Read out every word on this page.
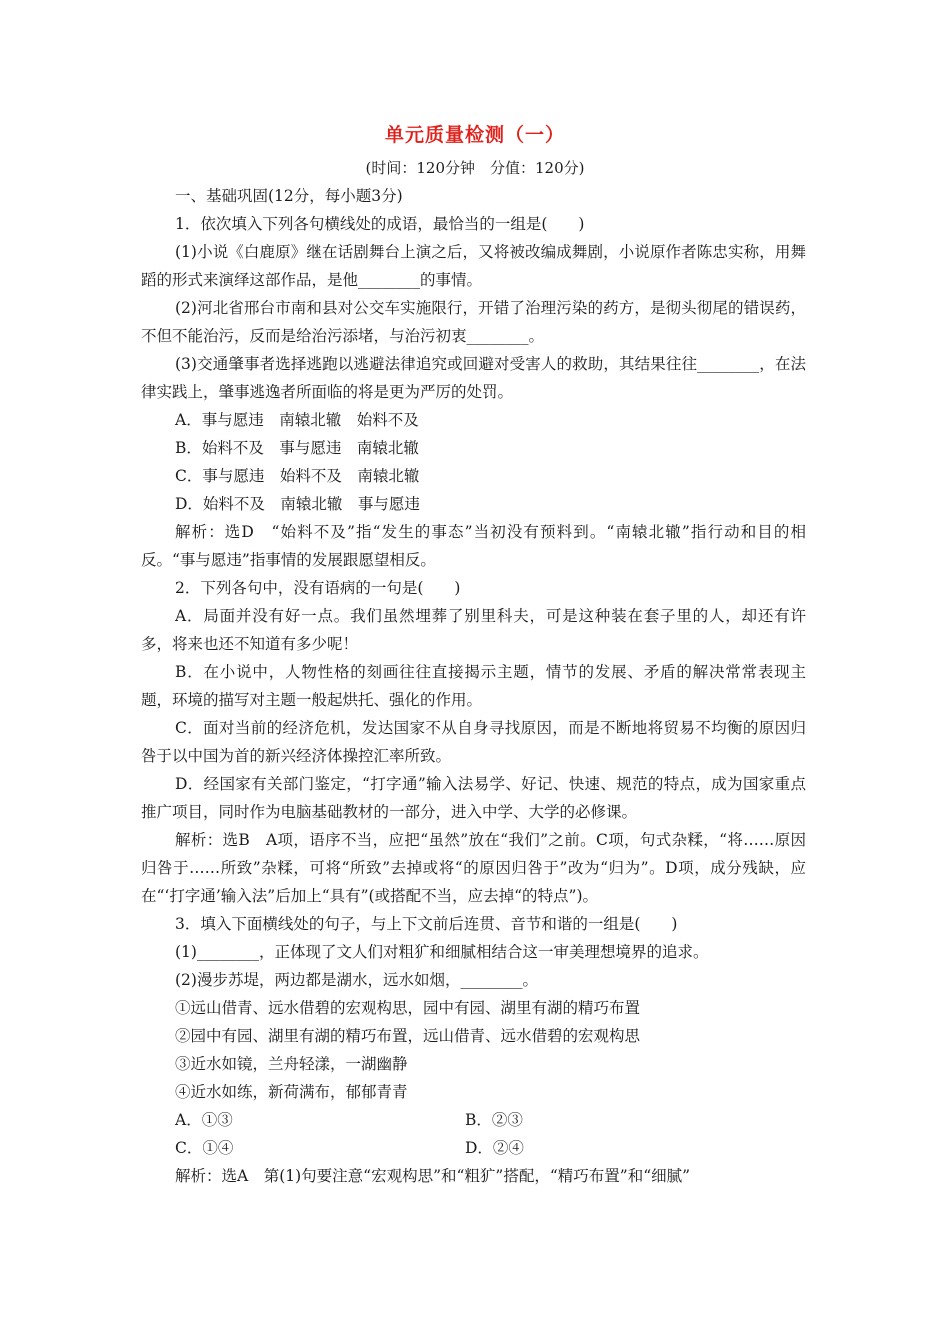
单元质量检测（一）
(时间：120分钟　分值：120分)

一、基础巩固(12分，每小题3分)

1．依次填入下列各句横线处的成语，最恰当的一组是(　　)

(1)小说《白鹿原》继在话剧舞台上演之后，又将被改编成舞剧，小说原作者陈忠实称，用舞蹈的形式来演绎这部作品，是他________的事情。

(2)河北省邢台市南和县对公交车实施限行，开错了治理污染的药方，是彻头彻尾的错误药，不但不能治污，反而是给治污添堵，与治污初衷________。

(3)交通肇事者选择逃跑以逃避法律追究或回避对受害人的救助，其结果往往________，在法律实践上，肇事逃逸者所面临的将是更为严厉的处罚。

A．事与愿违　南辕北辙　始料不及

B．始料不及　事与愿违　南辕北辙

C．事与愿违　始料不及　南辕北辙

D．始料不及　南辕北辙　事与愿违

解析：选D　“始料不及”指“发生的事态”当初没有预料到。“南辕北辙”指行动和目的相反。“事与愿违”指事情的发展跟愿望相反。

2．下列各句中，没有语病的一句是(　　)

A．局面并没有好一点。我们虽然埋葬了别里科夫，可是这种装在套子里的人，却还有许多，将来也还不知道有多少呢！

B．在小说中，人物性格的刻画往往直接揭示主题，情节的发展、矛盾的解决常常表现主题，环境的描写对主题一般起烘托、强化的作用。

C．面对当前的经济危机，发达国家不从自身寻找原因，而是不断地将贸易不均衡的原因归咎于以中国为首的新兴经济体操控汇率所致。

D．经国家有关部门鉴定，“打字通”输入法易学、好记、快速、规范的特点，成为国家重点推广项目，同时作为电脑基础教材的一部分，进入中学、大学的必修课。

解析：选B　A项，语序不当，应把“虽然”放在“我们”之前。C项，句式杂糅，“将……原因归咎于……所致”杂糅，可将“所致”去掉或将“的原因归咎于”改为“归为”。D项，成分残缺，应在“‘打字通’输入法”后加上“具有”(或搭配不当，应去掉“的特点”)。

3．填入下面横线处的句子，与上下文前后连贯、音节和谐的一组是(　　)

(1)________，正体现了文人们对粗犷和细腻相结合这一审美理想境界的追求。

(2)漫步苏堤，两边都是湖水，远水如烟，________。

①远山借青、远水借碧的宏观构思，园中有园、湖里有湖的精巧布置

②园中有园、湖里有湖的精巧布置，远山借青、远水借碧的宏观构思

③近水如镜，兰舟轻漾，一湖幽静

④近水如练，新荷满布，郁郁青青

A．①③	B．②③
C．①④	D．②④

解析：选A　第(1)句要注意“宏观构思”和“粗犷”搭配，“精巧布置”和“细腻”
